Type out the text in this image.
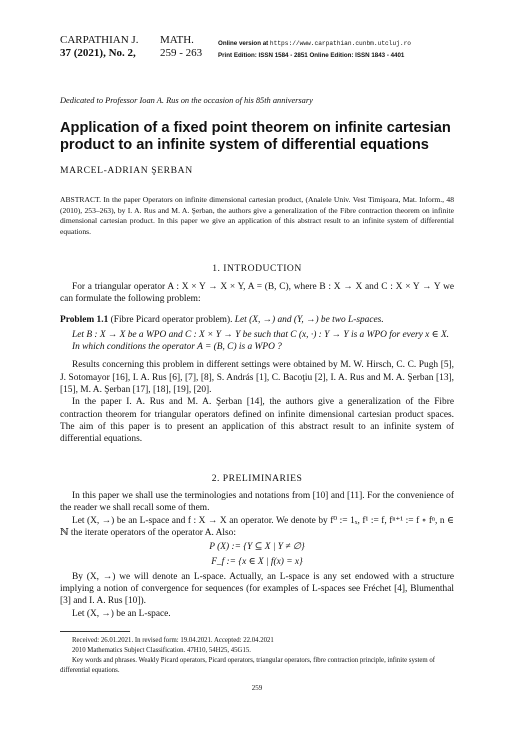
CARPATHIAN J.
37 (2021), No. 2,
MATH.
259 - 263
Online version at https://www.carpathian.cunbm.utcluj.ro
Print Edition: ISSN 1584 - 2851 Online Edition: ISSN 1843 - 4401
Dedicated to Professor Ioan A. Rus on the occasion of his 85th anniversary
Application of a fixed point theorem on infinite cartesian product to an infinite system of differential equations
MARCEL-ADRIAN ŞERBAN
ABSTRACT. In the paper Operators on infinite dimensional cartesian product, (Analele Univ. Vest Timişoara, Mat. Inform., 48 (2010), 253–263), by I. A. Rus and M. A. Şerban, the authors give a generalization of the Fibre contraction theorem on infinite dimensional cartesian product. In this paper we give an application of this abstract result to an infinite system of differential equations.
1. INTRODUCTION

For a triangular operator A : X × Y → X × Y, A = (B, C), where B : X → X and C : X × Y → Y we can formulate the following problem:

Problem 1.1 (Fibre Picard operator problem). Let (X, →) and (Y, →) be two L-spaces.

Let B : X → X be a WPO and C : X × Y → Y be such that C (x, ·) : Y → Y is a WPO for every x ∈ X.

In which conditions the operator A = (B, C) is a WPO ?

Results concerning this problem in different settings were obtained by M. W. Hirsch, C. C. Pugh [5], J. Sotomayor [16], I. A. Rus [6], [7], [8], S. András [1], C. Bacoţiu [2], I. A. Rus and M. A. Şerban [13], [15], M. A. Şerban [17], [18], [19], [20].

In the paper I. A. Rus and M. A. Şerban [14], the authors give a generalization of the Fibre contraction theorem for triangular operators defined on infinite dimensional cartesian product spaces. The aim of this paper is to present an application of this abstract result to an infinite system of differential equations.

2. PRELIMINARIES

In this paper we shall use the terminologies and notations from [10] and [11]. For the convenience of the reader we shall recall some of them.

Let (X, →) be an L-space and f : X → X an operator. We denote by f⁰ := 1ₓ, f¹ := f, fⁿ⁺¹ := f ∘ fⁿ, n ∈ ℕ the iterate operators of the operator A. Also:

P (X) := {Y ⊆ X | Y ≠ ∅}

F_f := {x ∈ X | f(x) = x}

By (X, →) we will denote an L-space. Actually, an L-space is any set endowed with a structure implying a notion of convergence for sequences (for examples of L-spaces see Fréchet [4], Blumenthal [3] and I. A. Rus [10]).

Let (X, →) be an L-space.

Received: 26.01.2021. In revised form: 19.04.2021. Accepted: 22.04.2021

2010 Mathematics Subject Classification. 47H10, 54H25, 45G15.

Key words and phrases. Weakly Picard operators, Picard operators, triangular operators, fibre contraction principle, infinite system of differential equations.

259
